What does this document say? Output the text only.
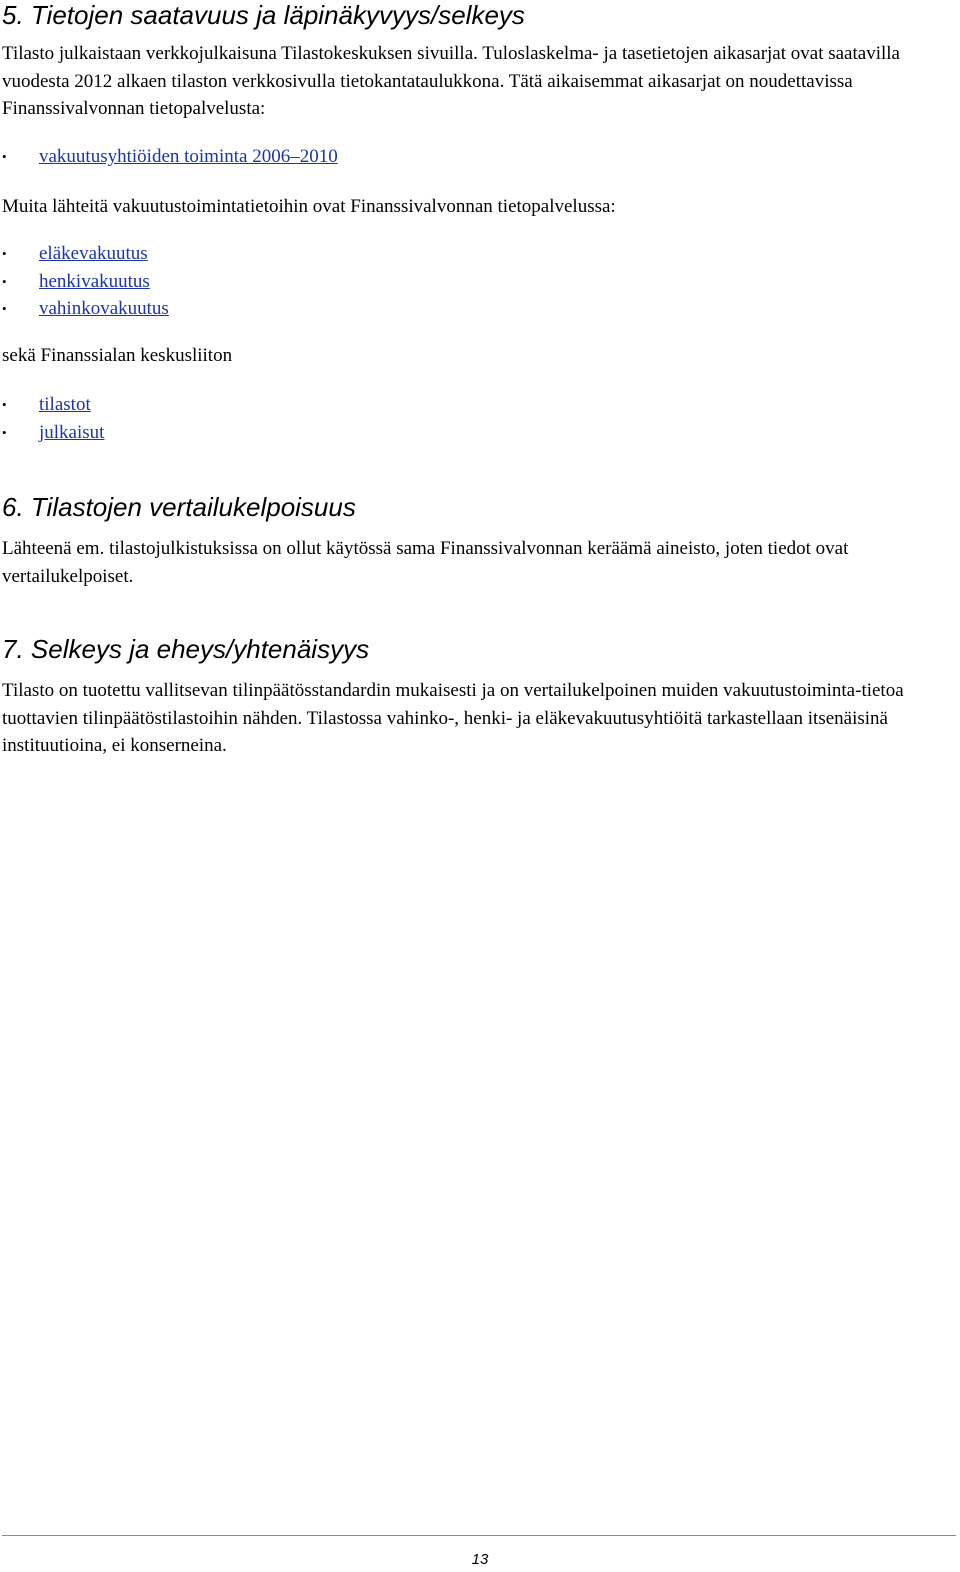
5. Tietojen saatavuus ja läpinäkyvyys/selkeys

Tilasto julkaistaan verkkojulkaisuna Tilastokeskuksen sivuilla. Tuloslaskelma- ja tasetietojen aikasarjat ovat saatavilla vuodesta 2012 alkaen tilaston verkkosivulla tietokantataulukkona. Tätä aikaisemmat aikasarjat on noudettavissa Finanssivalvonnan tietopalvelusta:

• vakuutusyhtiöiden toiminta 2006–2010

Muita lähteitä vakuutustoimintatietoihin ovat Finanssivalvonnan tietopalvelussa:

• eläkevakuutus
• henkivakuutus
• vahinkovakuutus

sekä Finanssialan keskusliiton

• tilastot
• julkaisut
6. Tilastojen vertailukelpoisuus

Lähteenä em. tilastojulkistuksissa on ollut käytössä sama Finanssivalvonnan keräämä aineisto, joten tiedot ovat vertailukelpoiset.

7. Selkeys ja eheys/yhtenäisyys

Tilasto on tuotettu vallitsevan tilinpäätösstandardin mukaisesti ja on vertailukelpoinen muiden vakuutustoiminta-tietoa tuottavien tilinpäätöstilastoihin nähden. Tilastossa vahinko-, henki- ja eläkevakuutusyhtiöitä tarkastellaan itsenäisinä instituutioina, ei konserneina.

13
